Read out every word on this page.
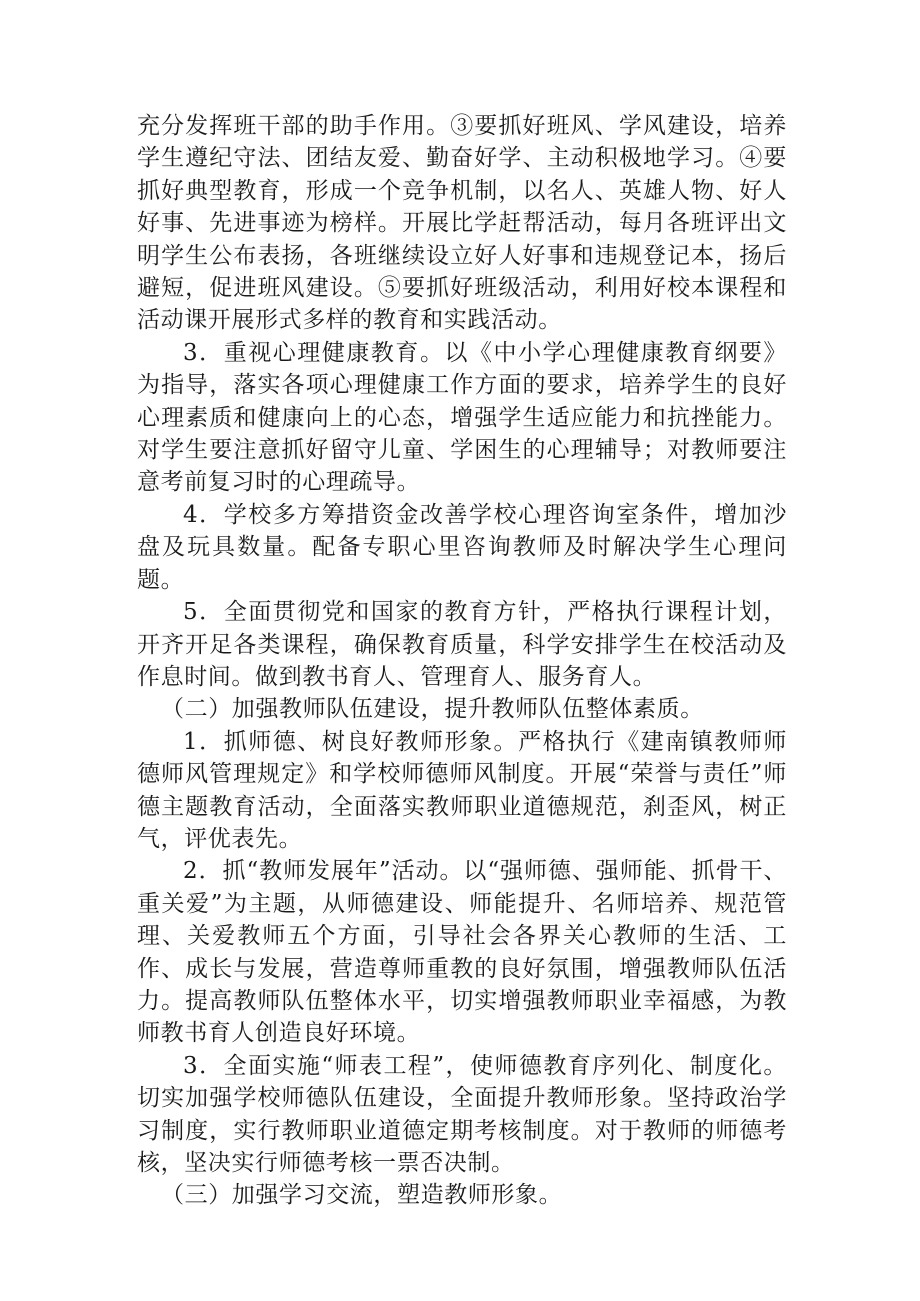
充分发挥班干部的助手作用。③要抓好班风、学风建设，培养学生遵纪守法、团结友爱、勤奋好学、主动积极地学习。④要抓好典型教育，形成一个竞争机制，以名人、英雄人物、好人好事、先进事迹为榜样。开展比学赶帮活动，每月各班评出文明学生公布表扬，各班继续设立好人好事和违规登记本，扬后避短，促进班风建设。⑤要抓好班级活动，利用好校本课程和活动课开展形式多样的教育和实践活动。

3．重视心理健康教育。以《中小学心理健康教育纲要》为指导，落实各项心理健康工作方面的要求，培养学生的良好心理素质和健康向上的心态，增强学生适应能力和抗挫能力。对学生要注意抓好留守儿童、学困生的心理辅导；对教师要注意考前复习时的心理疏导。

4．学校多方筹措资金改善学校心理咨询室条件，增加沙盘及玩具数量。配备专职心里咨询教师及时解决学生心理问题。

5．全面贯彻党和国家的教育方针，严格执行课程计划，开齐开足各类课程，确保教育质量，科学安排学生在校活动及作息时间。做到教书育人、管理育人、服务育人。

（二）加强教师队伍建设，提升教师队伍整体素质。

1．抓师德、树良好教师形象。严格执行《建南镇教师师德师风管理规定》和学校师德师风制度。开展“荣誉与责任”师德主题教育活动，全面落实教师职业道德规范，刹歪风，树正气，评优表先。

2．抓“教师发展年”活动。以“强师德、强师能、抓骨干、重关爱”为主题，从师德建设、师能提升、名师培养、规范管理、关爱教师五个方面，引导社会各界关心教师的生活、工作、成长与发展，营造尊师重教的良好氛围，增强教师队伍活力。提高教师队伍整体水平，切实增强教师职业幸福感，为教师教书育人创造良好环境。

3．全面实施“师表工程”，使师德教育序列化、制度化。切实加强学校师德队伍建设，全面提升教师形象。坚持政治学习制度，实行教师职业道德定期考核制度。对于教师的师德考核，坚决实行师德考核一票否决制。

（三）加强学习交流，塑造教师形象。
